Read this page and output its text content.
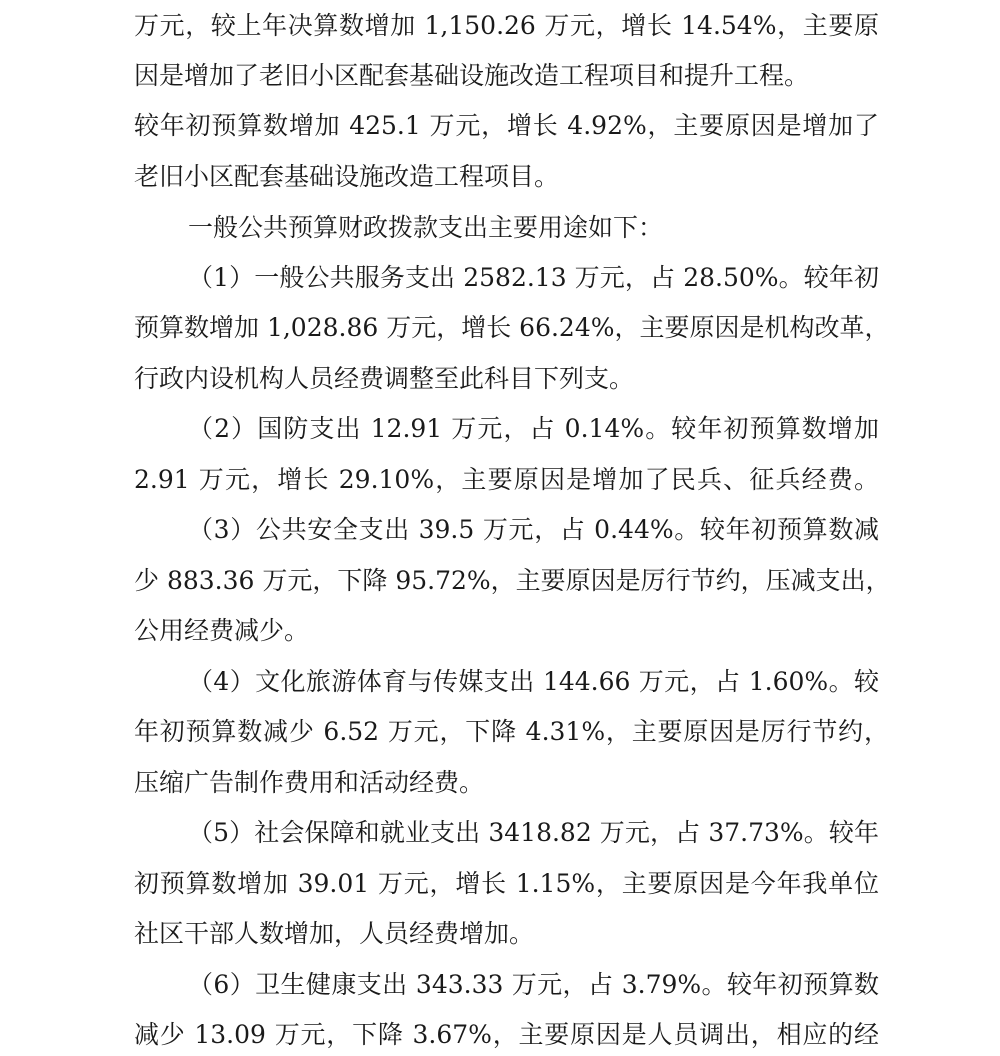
万元，较上年决算数增加 1,150.26 万元，增长 14.54%，主要原
因是增加了老旧小区配套基础设施改造工程项目和提升工程。
较年初预算数增加 425.1 万元，增长 4.92%，主要原因是增加了
老旧小区配套基础设施改造工程项目。
一般公共预算财政拨款支出主要用途如下：
（1）一般公共服务支出 2582.13 万元，占 28.50%。较年初
预算数增加 1,028.86 万元，增长 66.24%，主要原因是机构改革，
行政内设机构人员经费调整至此科目下列支。
（2）国防支出 12.91 万元，占 0.14%。较年初预算数增加
2.91 万元，增长 29.10%，主要原因是增加了民兵、征兵经费。
（3）公共安全支出 39.5 万元，占 0.44%。较年初预算数减
少 883.36 万元，下降 95.72%，主要原因是厉行节约，压减支出，
公用经费减少。
（4）文化旅游体育与传媒支出 144.66 万元，占 1.60%。较
年初预算数减少 6.52 万元，下降 4.31%，主要原因是厉行节约，
压缩广告制作费用和活动经费。
（5）社会保障和就业支出 3418.82 万元，占 37.73%。较年
初预算数增加 39.01 万元，增长 1.15%，主要原因是今年我单位
社区干部人数增加，人员经费增加。
（6）卫生健康支出 343.33 万元，占 3.79%。较年初预算数
减少 13.09 万元，下降 3.67%，主要原因是人员调出，相应的经
